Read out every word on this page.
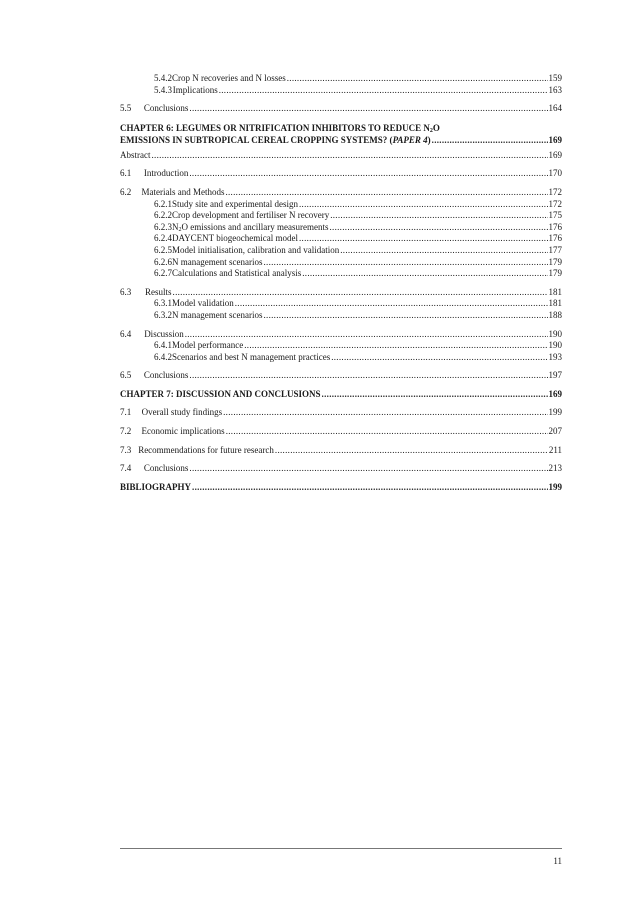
5.4.2 Crop N recoveries and N losses .....	159
5.4.3 Implications .....	163
5.5	Conclusions .....	164
CHAPTER 6: LEGUMES OR NITRIFICATION INHIBITORS TO REDUCE $N_2O$
EMISSIONS IN SUBTROPICAL CEREAL CROPPING SYSTEMS? (PAPER 4) .....	169
Abstract .....	169
6.1	Introduction .....	170
6.2	Materials and Methods .....	172
6.2.1 Study site and experimental design .....	172
6.2.2 Crop development and fertiliser N recovery .....	175
6.2.3 $N_2O$ emissions and ancillary measurements .....	176
6.2.4 DAYCENT biogeochemical model .....	176
6.2.5 Model initialisation, calibration and validation .....	177
6.2.6 N management scenarios .....	179
6.2.7 Calculations and Statistical analysis .....	179
6.3	Results .....	181
6.3.1 Model validation .....	181
6.3.2 N management scenarios .....	188
6.4	Discussion .....	190
6.4.1 Model performance .....	190
6.4.2 Scenarios and best N management practices .....	193
6.5	Conclusions .....	197
CHAPTER 7: DISCUSSION AND CONCLUSIONS .....	169
7.1	Overall study findings .....	199
7.2	Economic implications .....	207
7.3 Recommendations for future research .....	211
7.4	Conclusions .....	213
BIBLIOGRAPHY .....	199
11
